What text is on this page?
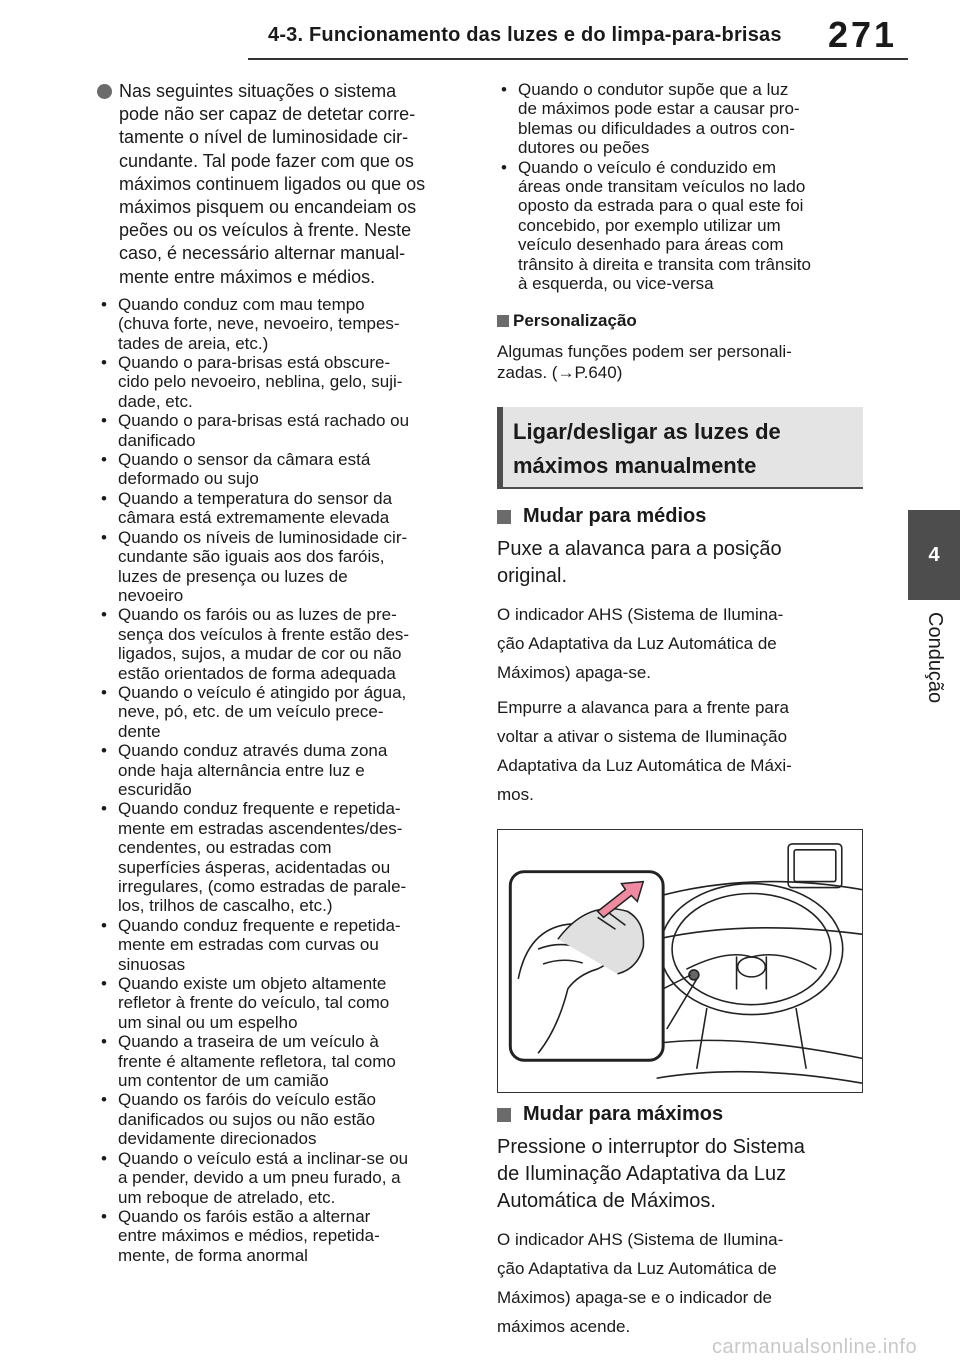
4-3. Funcionamento das luzes e do limpa-para-brisas 271
4
Condução
Nas seguintes situações o sistema
pode não ser capaz de detetar corre-
tamente o nível de luminosidade cir-
cundante. Tal pode fazer com que os
máximos continuem ligados ou que os
máximos pisquem ou encandeiam os
peões ou os veículos à frente. Neste
caso, é necessário alternar manual-
mente entre máximos e médios.
• Quando conduz com mau tempo
(chuva forte, neve, nevoeiro, tempes-
tades de areia, etc.)
• Quando o para-brisas está obscure-
cido pelo nevoeiro, neblina, gelo, suji-
dade, etc.
• Quando o para-brisas está rachado ou
danificado
• Quando o sensor da câmara está
deformado ou sujo
• Quando a temperatura do sensor da
câmara está extremamente elevada
• Quando os níveis de luminosidade cir-
cundante são iguais aos dos faróis,
luzes de presença ou luzes de
nevoeiro
• Quando os faróis ou as luzes de pre-
sença dos veículos à frente estão des-
ligados, sujos, a mudar de cor ou não
estão orientados de forma adequada
• Quando o veículo é atingido por água,
neve, pó, etc. de um veículo prece-
dente
• Quando conduz através duma zona
onde haja alternância entre luz e
escuridão
• Quando conduz frequente e repetida-
mente em estradas ascendentes/des-
cendentes, ou estradas com
superfícies ásperas, acidentadas ou
irregulares, (como estradas de parale-
los, trilhos de cascalho, etc.)
• Quando conduz frequente e repetida-
mente em estradas com curvas ou
sinuosas
• Quando existe um objeto altamente
refletor à frente do veículo, tal como
um sinal ou um espelho
• Quando a traseira de um veículo à
frente é altamente refletora, tal como
um contentor de um camião
• Quando os faróis do veículo estão
danificados ou sujos ou não estão
devidamente direcionados
• Quando o veículo está a inclinar-se ou
a pender, devido a um pneu furado, a
um reboque de atrelado, etc.
• Quando os faróis estão a alternar
entre máximos e médios, repetida-
mente, de forma anormal
• Quando o condutor supõe que a luz
de máximos pode estar a causar pro-
blemas ou dificuldades a outros con-
dutores ou peões
• Quando o veículo é conduzido em
áreas onde transitam veículos no lado
oposto da estrada para o qual este foi
concebido, por exemplo utilizar um
veículo desenhado para áreas com
trânsito à direita e transita com trânsito
à esquerda, ou vice-versa
Personalização

Algumas funções podem ser personali-
zadas. (→P.640)

Ligar/desligar as luzes de
máximos manualmente
Mudar para médios

Puxe a alavanca para a posição
original.

O indicador AHS (Sistema de Ilumina-
ção Adaptativa da Luz Automática de
Máximos) apaga-se.

Empurre a alavanca para a frente para
voltar a ativar o sistema de Iluminação
Adaptativa da Luz Automática de Máxi-
mos.

Mudar para máximos

Pressione o interruptor do Sistema
de Iluminação Adaptativa da Luz
Automática de Máximos.

O indicador AHS (Sistema de Ilumina-
ção Adaptativa da Luz Automática de
Máximos) apaga-se e o indicador de
máximos acende.

carmanualsonline.info
